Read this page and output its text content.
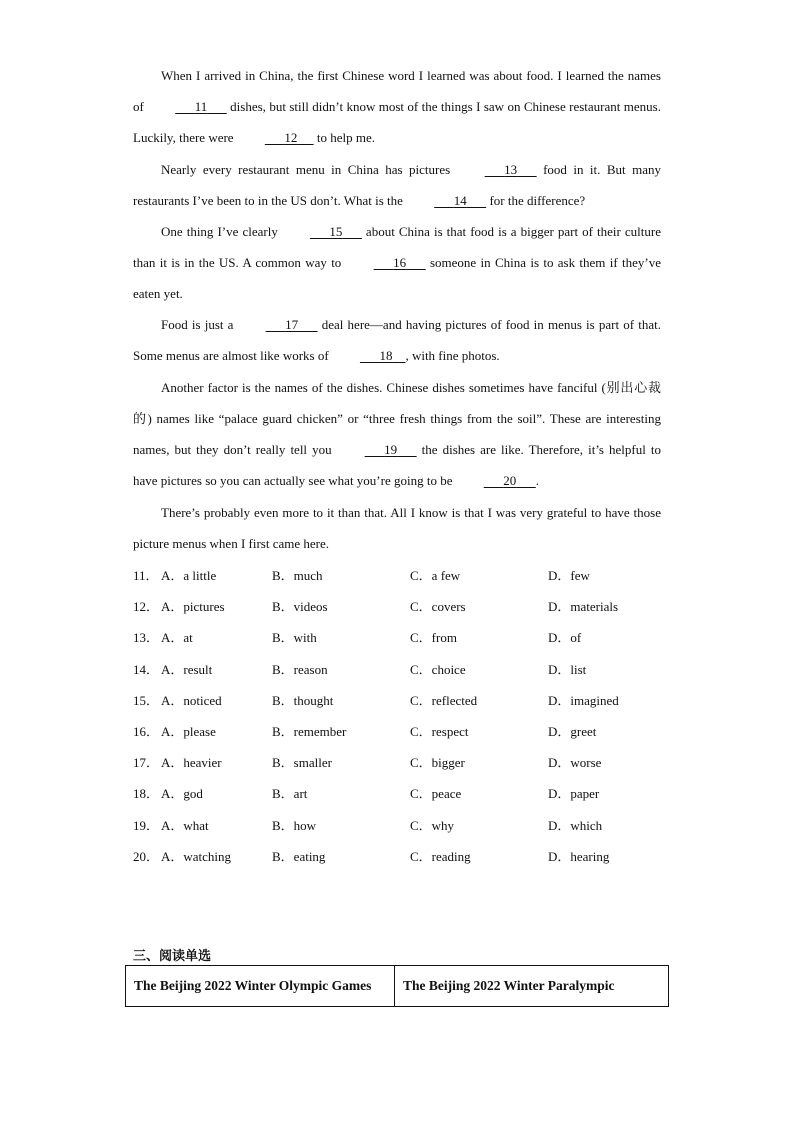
When I arrived in China, the first Chinese word I learned was about food. I learned the names of	11       dishes, but still didn’t know most of the things I saw on Chinese restaurant menus. Luckily, there were	12      to help me.

Nearly every restaurant menu in China has pictures	13       food in it. But many restaurants I’ve been to in the US don’t. What is the	14       for the difference?

One thing I’ve clearly	15       about China is that food is a bigger part of their culture than it is in the US. A common way to	16       someone in China is to ask them if they’ve eaten yet.

Food is just a	17       deal here—and having pictures of food in menus is part of that. Some menus are almost like works of	18 , with fine photos.

Another factor is the names of the dishes. Chinese dishes sometimes have fanciful (别出心裁的) names like “palace guard chicken” or “three fresh things from the soil”. These are interesting names, but they don’t really tell you	19       the dishes are like. Therefore, it’s helpful to have pictures so you can actually see what you’re going to be	20 .

There’s probably even more to it than that. All I know is that I was very grateful to have those picture menus when I first came here.

11． A．a little	B．much	C．a few	D．few
12． A．pictures	B．videos	C．covers	D．materials
13． A．at	B．with	C．from	D．of
14． A．result	B．reason	C．choice	D．list
15． A．noticed	B．thought	C．reflected	D．imagined
16． A．please	B．remember	C．respect	D．greet
17． A．heavier	B．smaller	C．bigger	D．worse
18． A．god	B．art	C．peace	D．paper
19． A．what	B．how	C．why	D．which
20． A．watching	B．eating	C．reading	D．hearing
三、阅读单选
The Beijing 2022 Winter Olympic Games	The Beijing 2022 Winter Paralympic
